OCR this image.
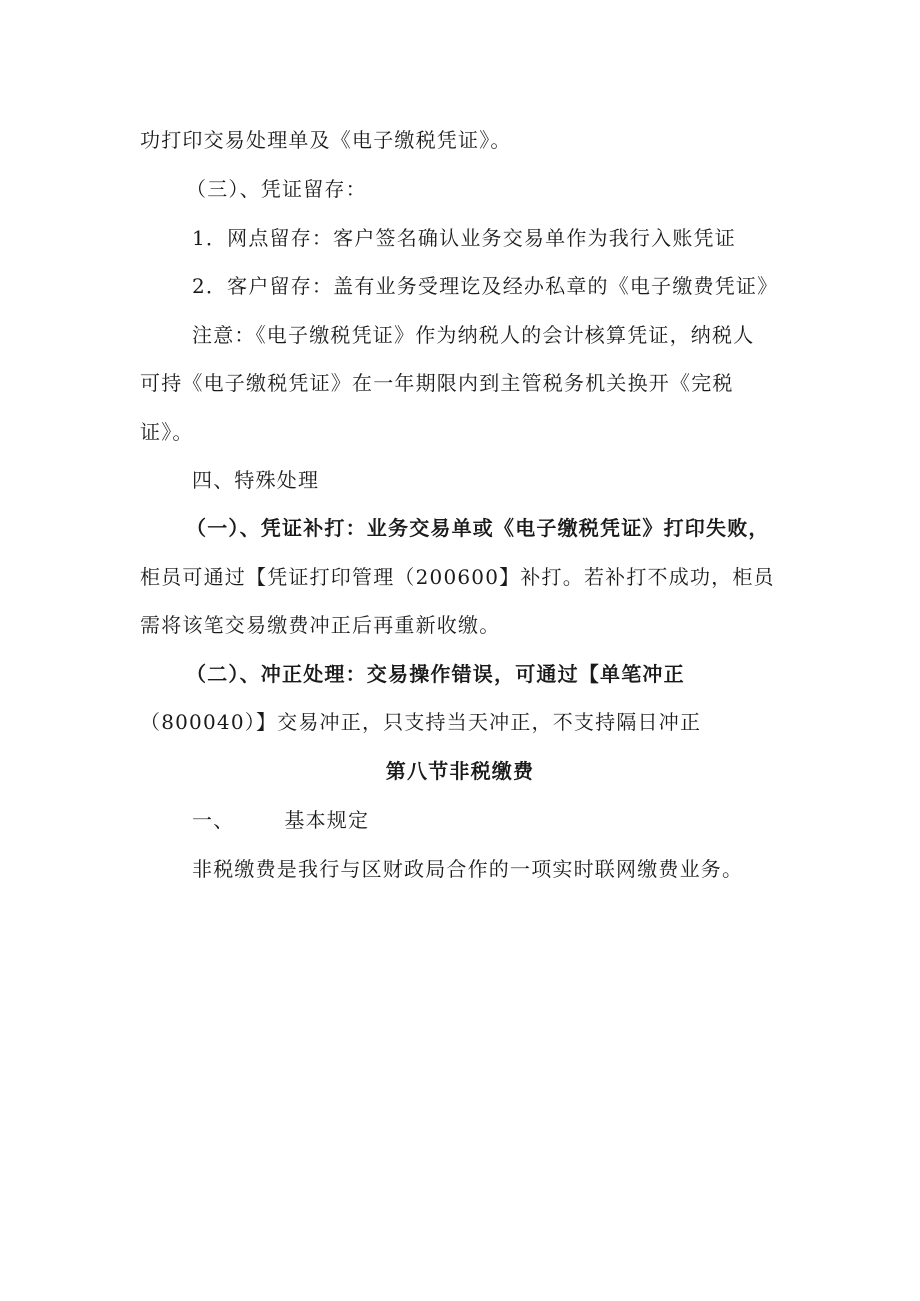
功打印交易处理单及《电子缴税凭证》。
（三）、凭证留存：
1．网点留存：客户签名确认业务交易单作为我行入账凭证
2．客户留存：盖有业务受理讫及经办私章的《电子缴费凭证》
注意：《电子缴税凭证》作为纳税人的会计核算凭证，纳税人
可持《电子缴税凭证》在一年期限内到主管税务机关换开《完税
证》。
四、特殊处理
（一）、凭证补打：业务交易单或《电子缴税凭证》打印失败，
柜员可通过【凭证打印管理（200600】补打。若补打不成功，柜员
需将该笔交易缴费冲正后再重新收缴。
（二）、冲正处理：交易操作错误，可通过【单笔冲正
（800040）】交易冲正，只支持当天冲正，不支持隔日冲正
第八节非税缴费
一、	基本规定
非税缴费是我行与区财政局合作的一项实时联网缴费业务。
